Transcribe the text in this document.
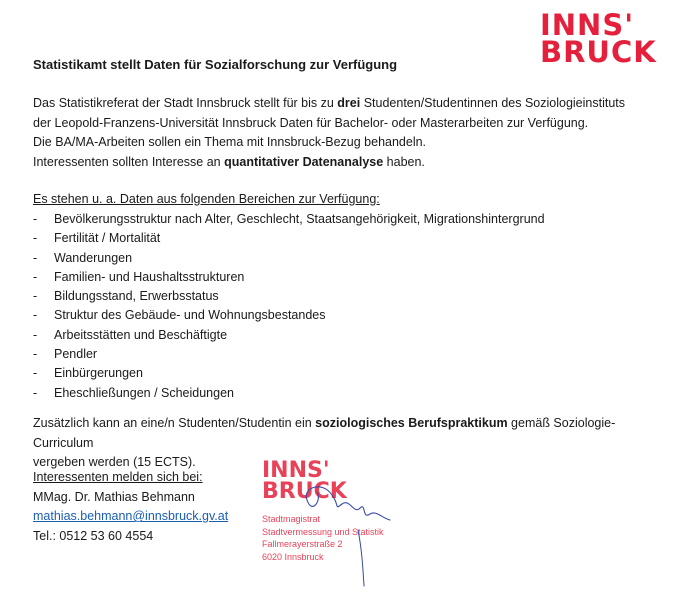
INNS'
BRUCK
Statistikamt stellt Daten für Sozialforschung zur Verfügung
Das Statistikreferat der Stadt Innsbruck stellt für bis zu drei Studenten/Studentinnen des Soziologieinstituts
der Leopold-Franzens-Universität Innsbruck Daten für Bachelor- oder Masterarbeiten zur Verfügung.
Die BA/MA-Arbeiten sollen ein Thema mit Innsbruck-Bezug behandeln.
Interessenten sollten Interesse an quantitativer Datenanalyse haben.
Es stehen u. a. Daten aus folgenden Bereichen zur Verfügung:
- Bevölkerungsstruktur nach Alter, Geschlecht, Staatsangehörigkeit, Migrationshintergrund
- Fertilität / Mortalität
- Wanderungen
- Familien- und Haushaltsstrukturen
- Bildungsstand, Erwerbsstatus
- Struktur des Gebäude- und Wohnungsbestandes
- Arbeitsstätten und Beschäftigte
- Pendler
- Einbürgerungen
- Eheschließungen / Scheidungen
Zusätzlich kann an eine/n Studenten/Studentin ein soziologisches Berufspraktikum gemäß Soziologie-Curriculum
vergeben werden (15 ECTS).
Interessenten melden sich bei:
MMag. Dr. Mathias Behmann
mathias.behmann@innsbruck.gv.at
Tel.: 0512 53 60 4554
INNS'
BRUCK
Stadtmagistrat
Stadtvermessung und Statistik
Fallmerayerstraße 2
6020 Innsbruck
